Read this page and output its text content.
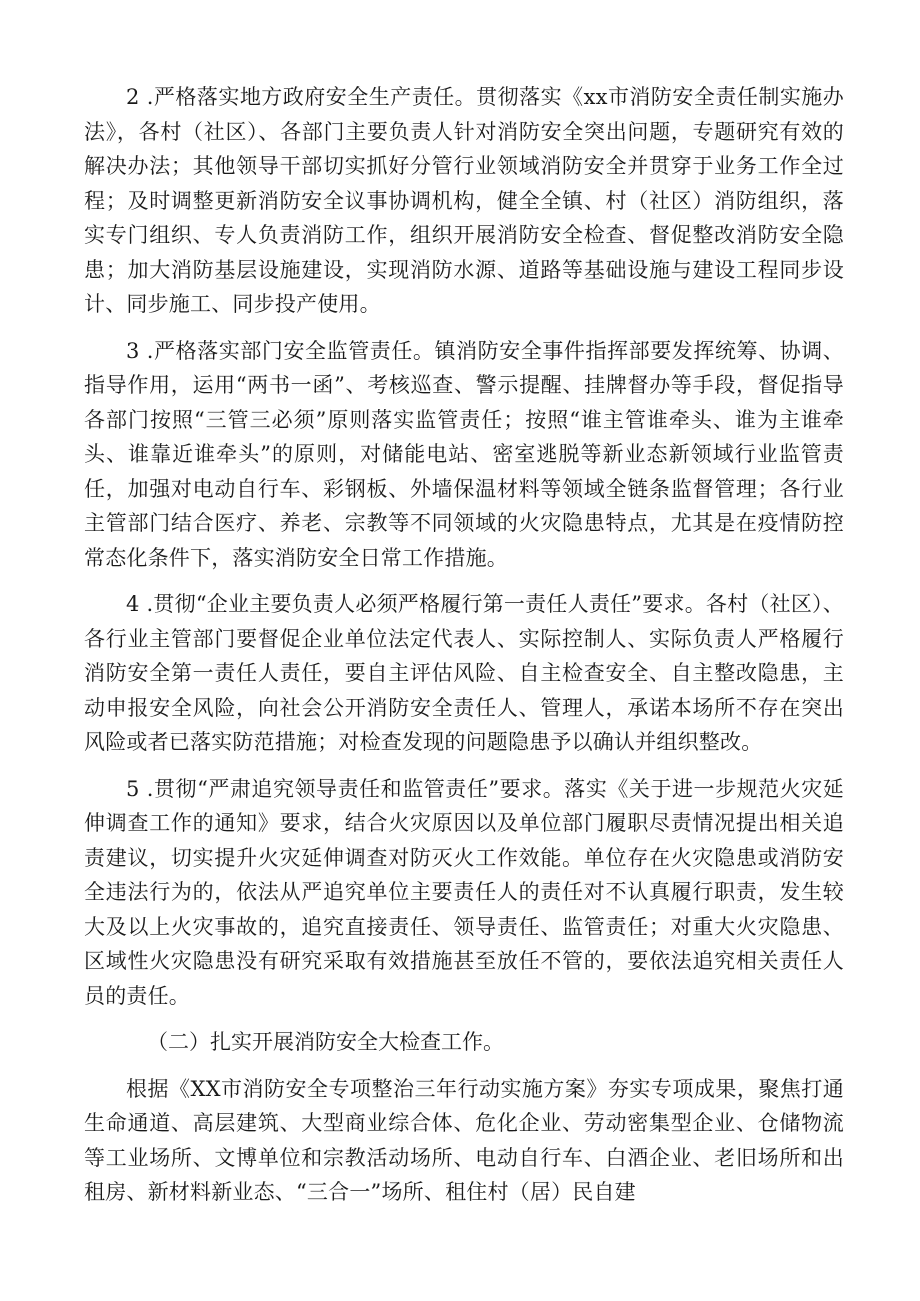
2 .严格落实地方政府安全生产责任。贯彻落实《xx市消防安全责任制实施办法》，各村（社区）、各部门主要负责人针对消防安全突出问题，专题研究有效的解决办法；其他领导干部切实抓好分管行业领域消防安全并贯穿于业务工作全过程；及时调整更新消防安全议事协调机构，健全全镇、村（社区）消防组织，落实专门组织、专人负责消防工作，组织开展消防安全检查、督促整改消防安全隐患；加大消防基层设施建设，实现消防水源、道路等基础设施与建设工程同步设计、同步施工、同步投产使用。

3 .严格落实部门安全监管责任。镇消防安全事件指挥部要发挥统筹、协调、指导作用，运用“两书一函”、考核巡查、警示提醒、挂牌督办等手段，督促指导各部门按照“三管三必须”原则落实监管责任；按照“谁主管谁牵头、谁为主谁牵头、谁靠近谁牵头”的原则，对储能电站、密室逃脱等新业态新领域行业监管责任，加强对电动自行车、彩钢板、外墙保温材料等领域全链条监督管理；各行业主管部门结合医疗、养老、宗教等不同领域的火灾隐患特点，尤其是在疫情防控常态化条件下，落实消防安全日常工作措施。

4 .贯彻“企业主要负责人必须严格履行第一责任人责任”要求。各村（社区）、各行业主管部门要督促企业单位法定代表人、实际控制人、实际负责人严格履行消防安全第一责任人责任，要自主评估风险、自主检查安全、自主整改隐患，主动申报安全风险，向社会公开消防安全责任人、管理人，承诺本场所不存在突出风险或者已落实防范措施；对检查发现的问题隐患予以确认并组织整改。

5 .贯彻“严肃追究领导责任和监管责任”要求。落实《关于进一步规范火灾延伸调查工作的通知》要求，结合火灾原因以及单位部门履职尽责情况提出相关追责建议，切实提升火灾延伸调查对防灭火工作效能。单位存在火灾隐患或消防安全违法行为的，依法从严追究单位主要责任人的责任对不认真履行职责，发生较大及以上火灾事故的，追究直接责任、领导责任、监管责任；对重大火灾隐患、区域性火灾隐患没有研究采取有效措施甚至放任不管的，要依法追究相关责任人员的责任。

（二）扎实开展消防安全大检查工作。

根据《XX市消防安全专项整治三年行动实施方案》夯实专项成果，聚焦打通生命通道、高层建筑、大型商业综合体、危化企业、劳动密集型企业、仓储物流等工业场所、文博单位和宗教活动场所、电动自行车、白酒企业、老旧场所和出租房、新材料新业态、“三合一”场所、租住村（居）民自建
